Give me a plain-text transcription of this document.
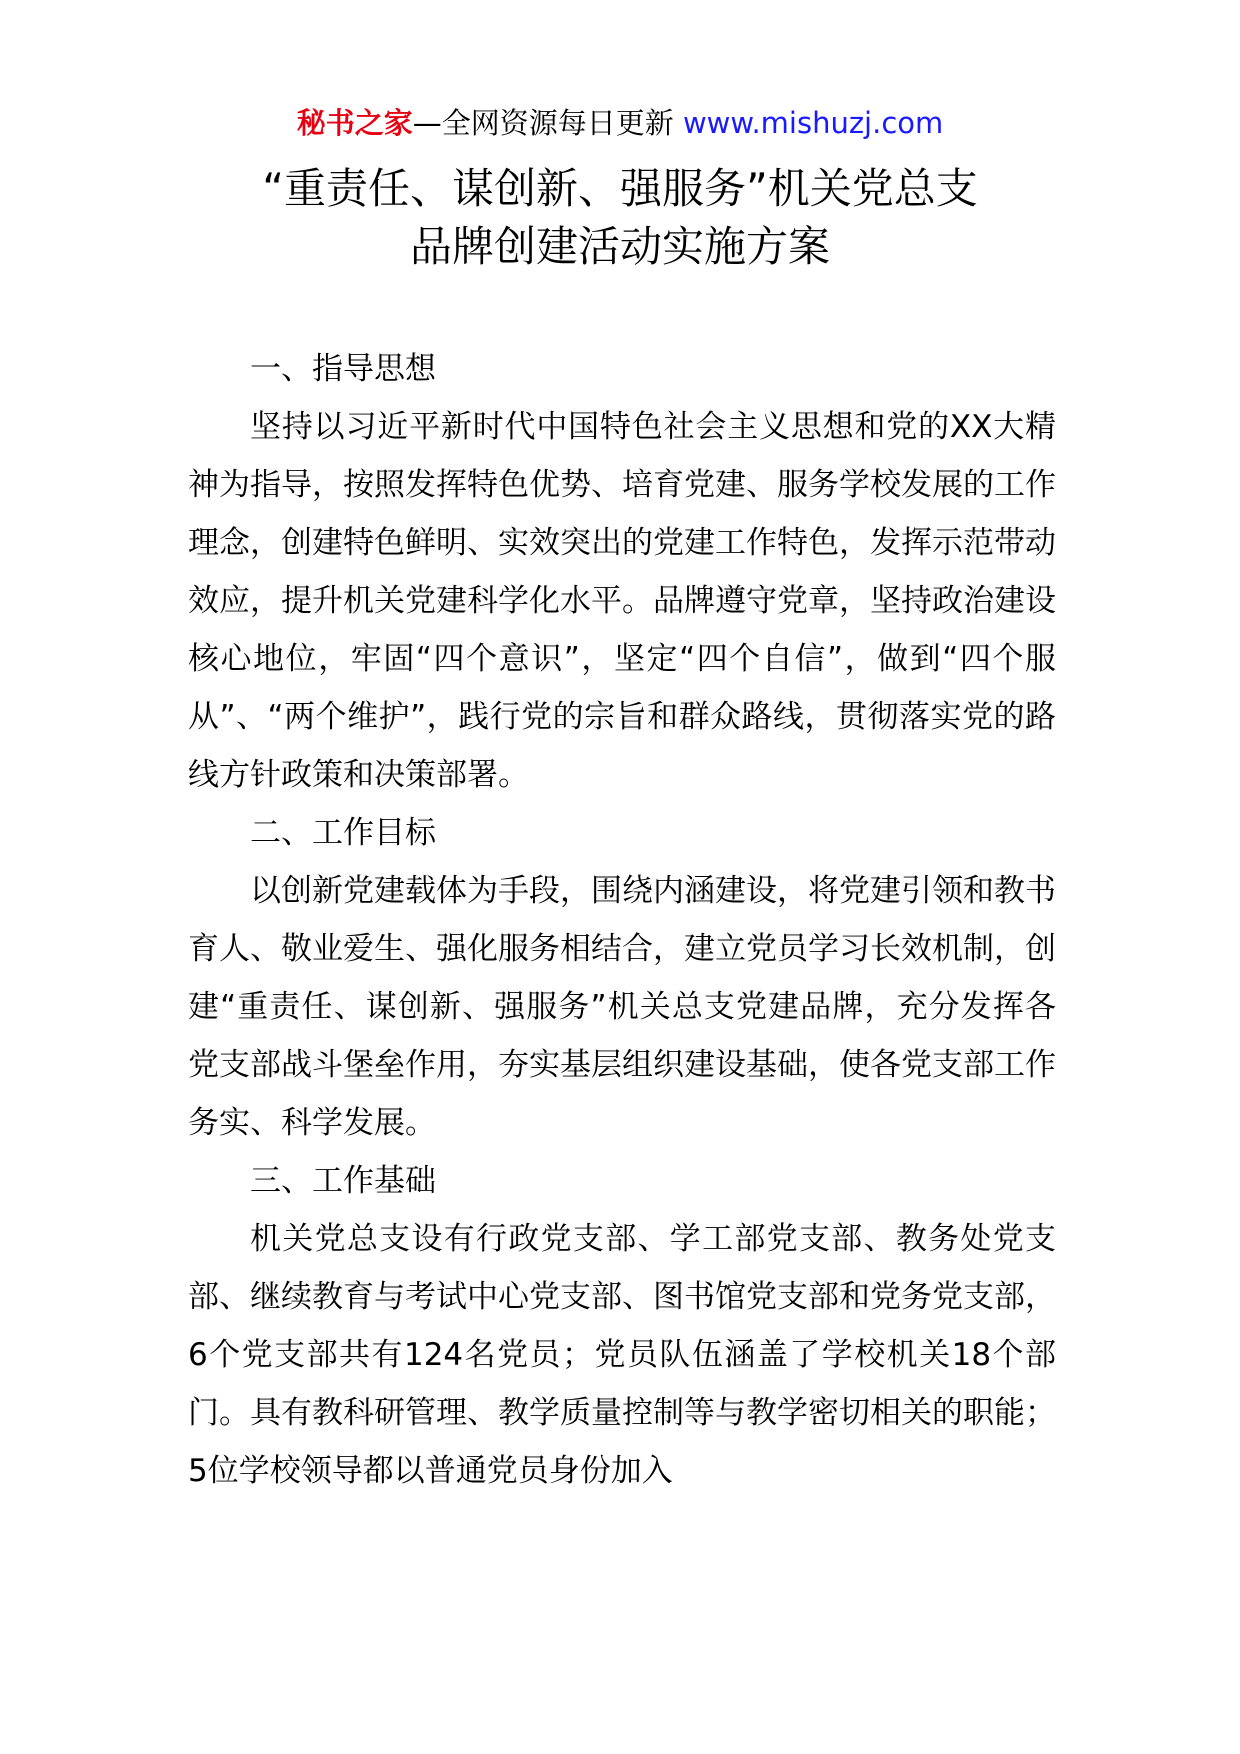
秘书之家—全网资源每日更新 www.mishuzj.com
“重责任、谋创新、强服务”机关党总支
品牌创建活动实施方案

一、指导思想

坚持以习近平新时代中国特色社会主义思想和党的XX大精神为指导，按照发挥特色优势、培育党建、服务学校发展的工作理念，创建特色鲜明、实效突出的党建工作特色，发挥示范带动效应，提升机关党建科学化水平。品牌遵守党章，坚持政治建设核心地位，牢固“四个意识”，坚定“四个自信”，做到“四个服从”、“两个维护”，践行党的宗旨和群众路线，贯彻落实党的路线方针政策和决策部署。

二、工作目标

以创新党建载体为手段，围绕内涵建设，将党建引领和教书育人、敬业爱生、强化服务相结合，建立党员学习长效机制，创建“重责任、谋创新、强服务”机关总支党建品牌，充分发挥各党支部战斗堡垒作用，夯实基层组织建设基础，使各党支部工作务实、科学发展。

三、工作基础

机关党总支设有行政党支部、学工部党支部、教务处党支部、继续教育与考试中心党支部、图书馆党支部和党务党支部，6个党支部共有124名党员；党员队伍涵盖了学校机关18个部门。具有教科研管理、教学质量控制等与教学密切相关的职能；5位学校领导都以普通党员身份加入
